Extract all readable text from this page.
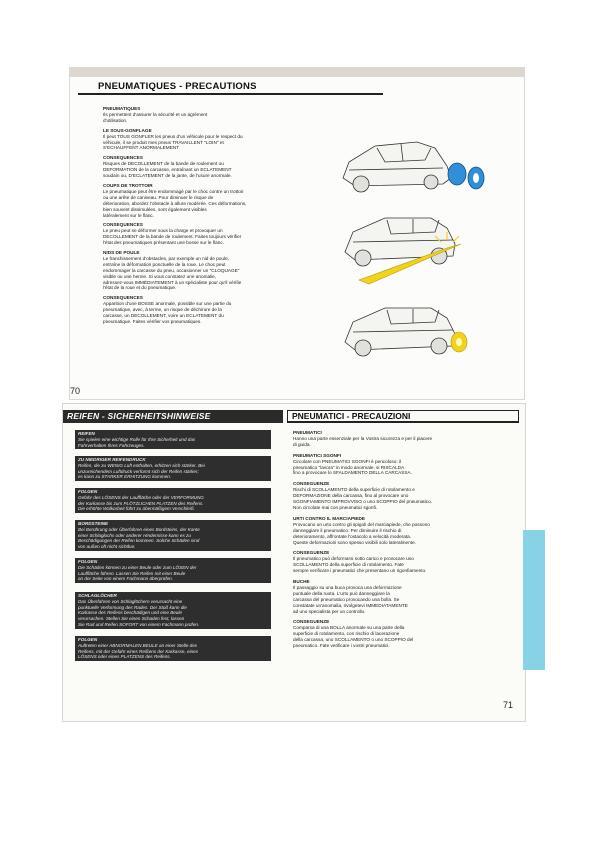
PNEUMATIQUES - PRECAUTIONS

PNEUMATIQUES
Ils permettent d'assurer la sécurité et un agrément
d'utilisation.

LE SOUS-GONFLAGE
Il peut TOUS GONFLER les pneus d'un véhicule pour le respect du
véhicule, il se produit mes pneus TRAVAILLENT "LOIN" et
S'ECHAUFFENT ANORMALEMENT.

CONSEQUENCES
Risques de DECOLLEMENT de la bande de roulement ou
DEFORMATION de la carcasse, entraînant un ECLATEMENT
soudain ou, D'ECLATEMENT de la jante, de l'usure anormale.

COUPS DE TROTTOIR
Le pneumatique peut être endommagé par le choc contre un trottoir
ou une arête de caniveau. Pour diminuer le risque de
déterioration, abordez l'obstacle à allure modérée. Ces déformations,
bien souvent dissimulées, sont également visibles
latéralement sur le flanc.

CONSEQUENCES
Le pneu peut se déformer sous la charge et provoquer un
DECOLLEMENT de la bande de roulement. Faites toujours vérifier
l'état des pneumatiques présentant une bosse sur le flanc.

NIDS DE POULE
Le franchissement d'obstacles, par exemple un nid de poule,
entraîne la déformation ponctuelle de la roue. Le choc peut
endommager la carcasse du pneu, occasionner un "CLOQUAGE"
visible ou une hernie. Si vous constatez une anomalie,
adressez-vous IMMÉDIATEMENT à un spécialiste pour qu'il vérifie
l'état de la roue et du pneumatique.

CONSEQUENCES
Apparition d'une BOSSE anormale, possible sur une partie du
pneumatique, avec, à terme, un risque de déchirure de la
carcasse, un DECOLLEMENT, voire un ECLATEMENT du
pneumatique. Faites vérifier vos pneumatiques.

70
REIFEN - SICHERHEITSHINWEISE	PNEUMATICI - PRECAUZIONI
REIFEN
Sie spielen eine wichtige Rolle für Ihre Sicherheit und das
Fahrverhalten Ihres Fahrzeuges.
ZU NIEDRIGER REIFENDRUCK
Reifen, die zu WENIG Luft enthalten, erhitzen sich stärker. Bei
unzureichendem Luftdruck verformt sich der Reifen stärker;
es kann zu STARKER ERHITZUNG kommen.
FOLGEN
Gefahr des LÖSENS der Lauffläche oder der VERFORMUNG
der Karkasse bis zum PLÖTZLICHEN PLATZEN des Reifens.
Die erhöhte Walkarbeit führt zu übermäßigem Verschleiß.
BORDSTEINE
Bei Berührung oder Überfahren eines Bordsteins, der Kante
einer Schlaglochs oder anderer Hindernisse kann es zu
Beschädigungen der Reifen kommen. Solche Schäden sind
von außen oft nicht sichtbar.
FOLGEN
Die Schäden können zu einer Beule oder zum LÖSEN der
Lauffläche führen. Lassen Sie Reifen mit einer Beule
an der Seite von einem Fachmann überprüfen.
SCHLAGLÖCHER
Das Überfahren von Schlaglöchern verursacht eine
punktuelle Verformung des Rades. Der Stoß kann die
Karkasse des Reifens beschädigen und eine Beule
verursachen. Stellen Sie einen Schaden fest, lassen
Sie Rad und Reifen SOFORT von einem Fachmann prüfen.
FOLGEN
Auftreten einer ABNORMALEN BEULE an einer Stelle des
Reifens, mit der Gefahr eines Reißens der Karkasse, eines
LÖSENS oder eines PLATZENS des Reifens.

PNEUMATICI
Hanno una parte essenziale per la Vostra sicurezza e per il piacere
di guida.

PNEUMATICI SGONFI
Circolare con PNEUMATICI SGONFI è pericoloso: il
pneumatico "lavora" in modo anormale, si RISCALDA
fino a provocare lo SFALDAMENTO DELLA CARCASSA.

CONSEGUENZE
Rischi di SCOLLAMENTO della superficie di rotolamento e
DEFORMAZIONE della carcassa, fino al provocare uno
SGONFIAMENTO IMPROVVISO o uno SCOPPIO del pneumatico.
Non circolate mai con pneumatici sgonfi.

URTI CONTRO IL MARCIAPIEDE
Provocano un urto contro gli spigoli del marciapiede, che possono
danneggiare il pneumatico. Per diminuire il rischio di
deterioramento, affrontate l'ostacolo a velocità moderata.
Queste deformazioni sono spesso visibili solo lateralmente.

CONSEGUENZE
Il pneumatico può deformarsi sotto carico e provocare uno
SCOLLAMENTO della superficie di rotolamento. Fate
sempre verificare i pneumatici che presentano un rigonfiamento.

BUCHE
Il passaggio su una buca provoca una deformazione
puntuale della ruota. L'urto può danneggiare la
carcassa del pneumatico provocando una bolla. Se
constatate un'anomalia, rivolgetevi IMMEDIATAMENTE
ad uno specialista per un controllo.

CONSEGUENZE
Comparsa di una BOLLA anormale su una parte della
superficie di rotolamento, con rischio di lacerazione
della carcassa, uno SCOLLAMENTO o uno SCOPPIO del
pneumatico. Fate verificare i vostri pneumatici.

71
